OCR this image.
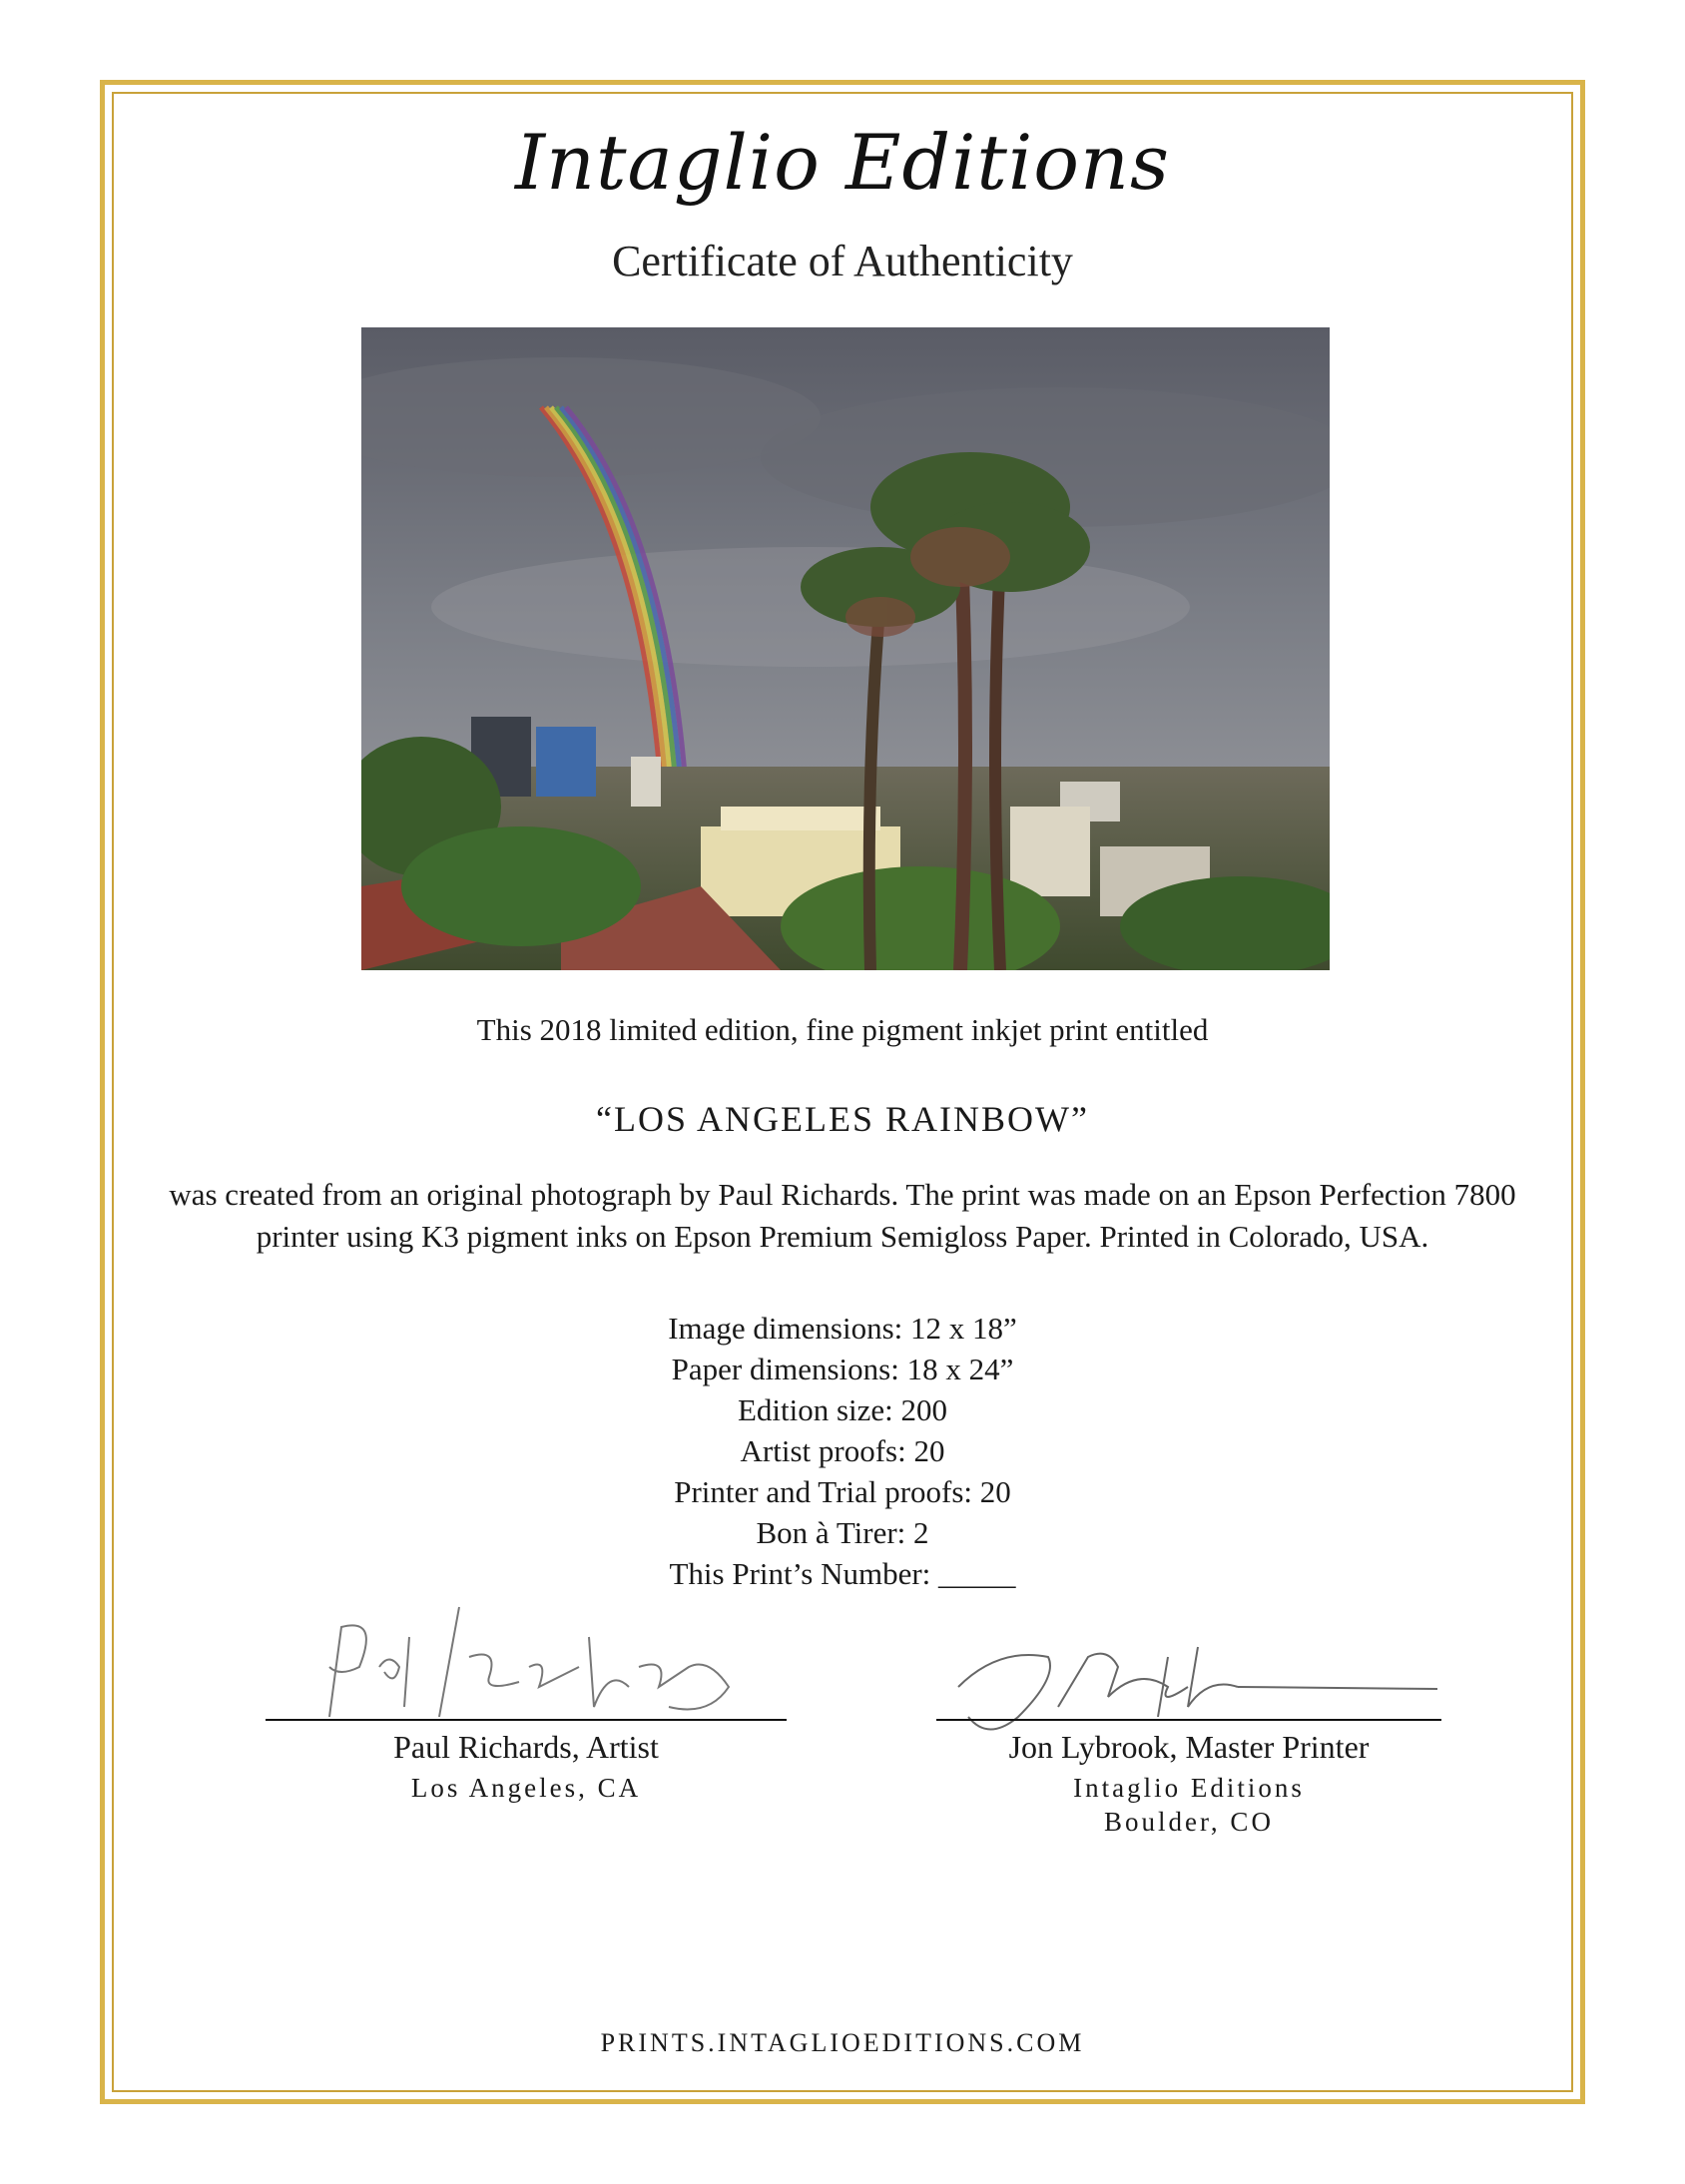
Intaglio Editions
Certificate of Authenticity
This 2018 limited edition, fine pigment inkjet print entitled
“LOS ANGELES RAINBOW”
was created from an original photograph by Paul Richards. The print was made on an Epson Perfection 7800
printer using K3 pigment inks on Epson Premium Semigloss Paper. Printed in Colorado, USA.
Image dimensions: 12 x 18”
Paper dimensions: 18 x 24”
Edition size: 200
Artist proofs: 20
Printer and Trial proofs: 20
Bon à Tirer: 2
This Print’s Number: _____
Paul Richards, Artist
Los Angeles, CA
Jon Lybrook, Master Printer
Intaglio Editions
Boulder, CO
PRINTS.INTAGLIOEDITIONS.COM
